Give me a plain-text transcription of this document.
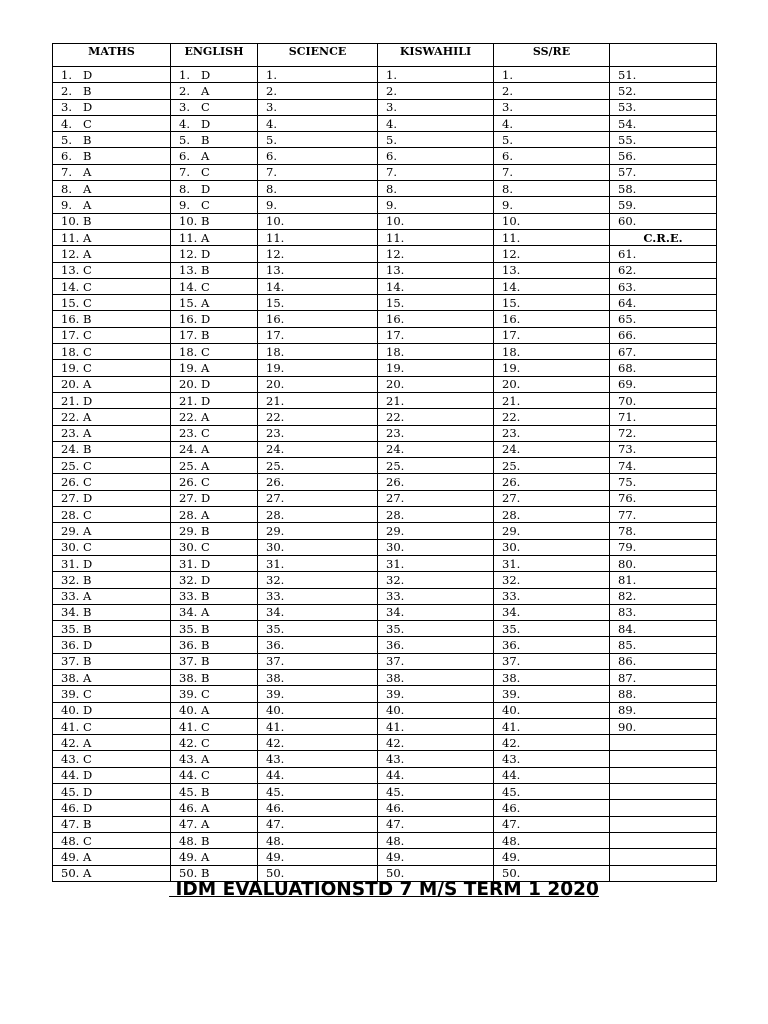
MATHS	ENGLISH	SCIENCE	KISWAHILI	SS/RE	
1.   D	1.   D	1.	1.	1.	51.
2.   B	2.   A	2.	2.	2.	52.
3.   D	3.   C	3.	3.	3.	53.
4.   C	4.   D	4.	4.	4.	54.
5.   B	5.   B	5.	5.	5.	55.
6.   B	6.   A	6.	6.	6.	56.
7.   A	7.   C	7.	7.	7.	57.
8.   A	8.   D	8.	8.	8.	58.
9.   A	9.   C	9.	9.	9.	59.
10. B	10. B	10.	10.	10.	60.
11. A	11. A	11.	11.	11.	C.R.E.
12. A	12. D	12.	12.	12.	61.
13. C	13. B	13.	13.	13.	62.
14. C	14. C	14.	14.	14.	63.
15. C	15. A	15.	15.	15.	64.
16. B	16. D	16.	16.	16.	65.
17. C	17. B	17.	17.	17.	66.
18. C	18. C	18.	18.	18.	67.
19. C	19. A	19.	19.	19.	68.
20. A	20. D	20.	20.	20.	69.
21. D	21. D	21.	21.	21.	70.
22. A	22. A	22.	22.	22.	71.
23. A	23. C	23.	23.	23.	72.
24. B	24. A	24.	24.	24.	73.
25. C	25. A	25.	25.	25.	74.
26. C	26. C	26.	26.	26.	75.
27. D	27. D	27.	27.	27.	76.
28. C	28. A	28.	28.	28.	77.
29. A	29. B	29.	29.	29.	78.
30. C	30. C	30.	30.	30.	79.
31. D	31. D	31.	31.	31.	80.
32. B	32. D	32.	32.	32.	81.
33. A	33. B	33.	33.	33.	82.
34. B	34. A	34.	34.	34.	83.
35. B	35. B	35.	35.	35.	84.
36. D	36. B	36.	36.	36.	85.
37. B	37. B	37.	37.	37.	86.
38. A	38. B	38.	38.	38.	87.
39. C	39. C	39.	39.	39.	88.
40. D	40. A	40.	40.	40.	89.
41. C	41. C	41.	41.	41.	90.
42. A	42. C	42.	42.	42.	
43. C	43. A	43.	43.	43.	
44. D	44. C	44.	44.	44.	
45. D	45. B	45.	45.	45.	
46. D	46. A	46.	46.	46.	
47. B	47. A	47.	47.	47.	
48. C	48. B	48.	48.	48.	
49. A	49. A	49.	49.	49.	
50. A	50. B	50.	50.	50.	
IDM EVALUATIONSTD 7 M/S TERM 1 2020
